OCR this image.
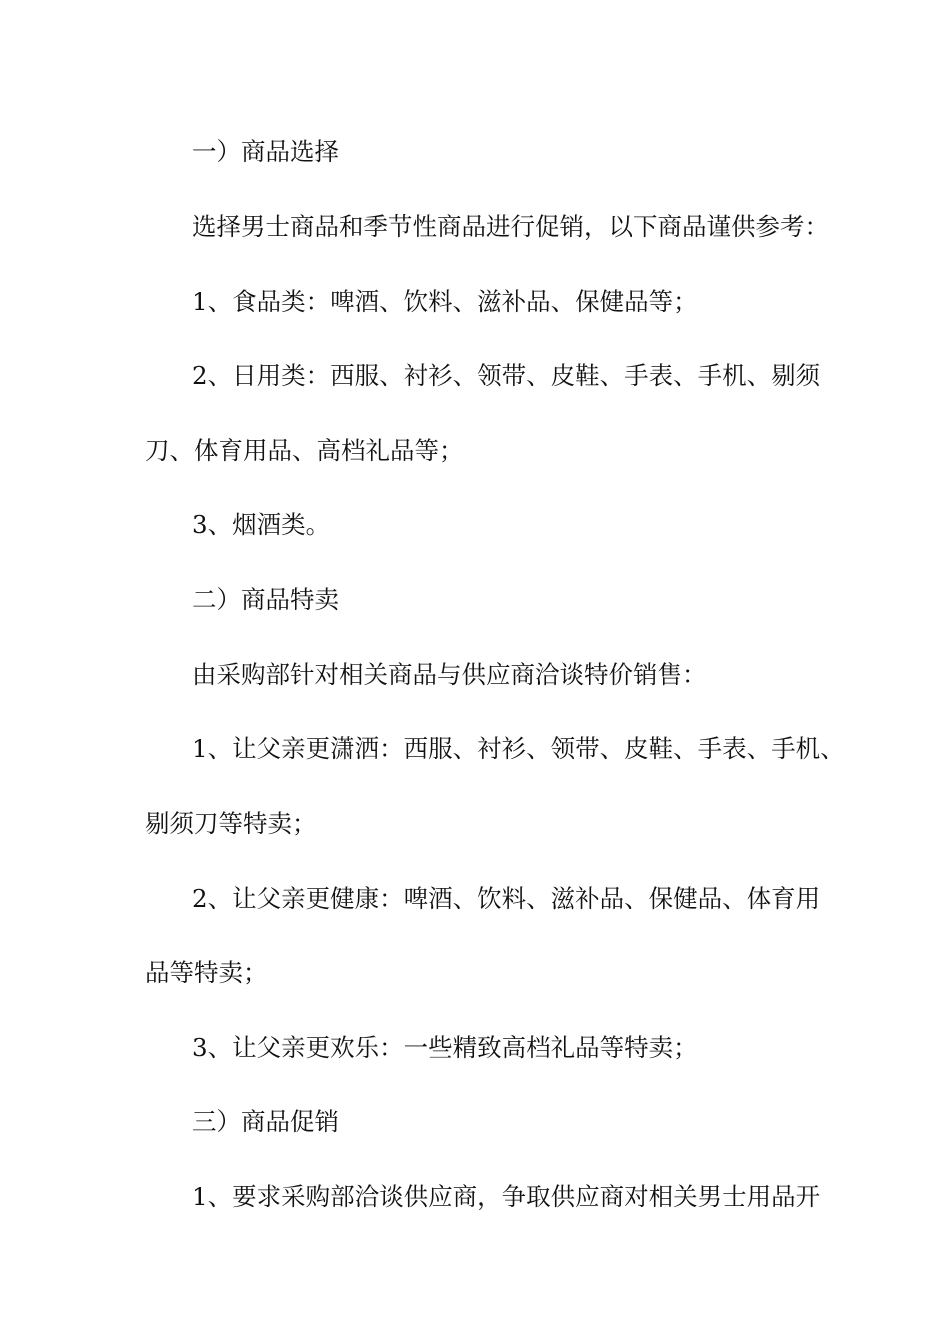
一）商品选择
选择男士商品和季节性商品进行促销，以下商品谨供参考：
1、食品类：啤酒、饮料、滋补品、保健品等；
2、日用类：西服、衬衫、领带、皮鞋、手表、手机、剔须
刀、体育用品、高档礼品等；
3、烟酒类。
二）商品特卖
由采购部针对相关商品与供应商洽谈特价销售：
1、让父亲更潇洒：西服、衬衫、领带、皮鞋、手表、手机、
剔须刀等特卖；
2、让父亲更健康：啤酒、饮料、滋补品、保健品、体育用
品等特卖；
3、让父亲更欢乐：一些精致高档礼品等特卖；
三）商品促销
1、要求采购部洽谈供应商，争取供应商对相关男士用品开
